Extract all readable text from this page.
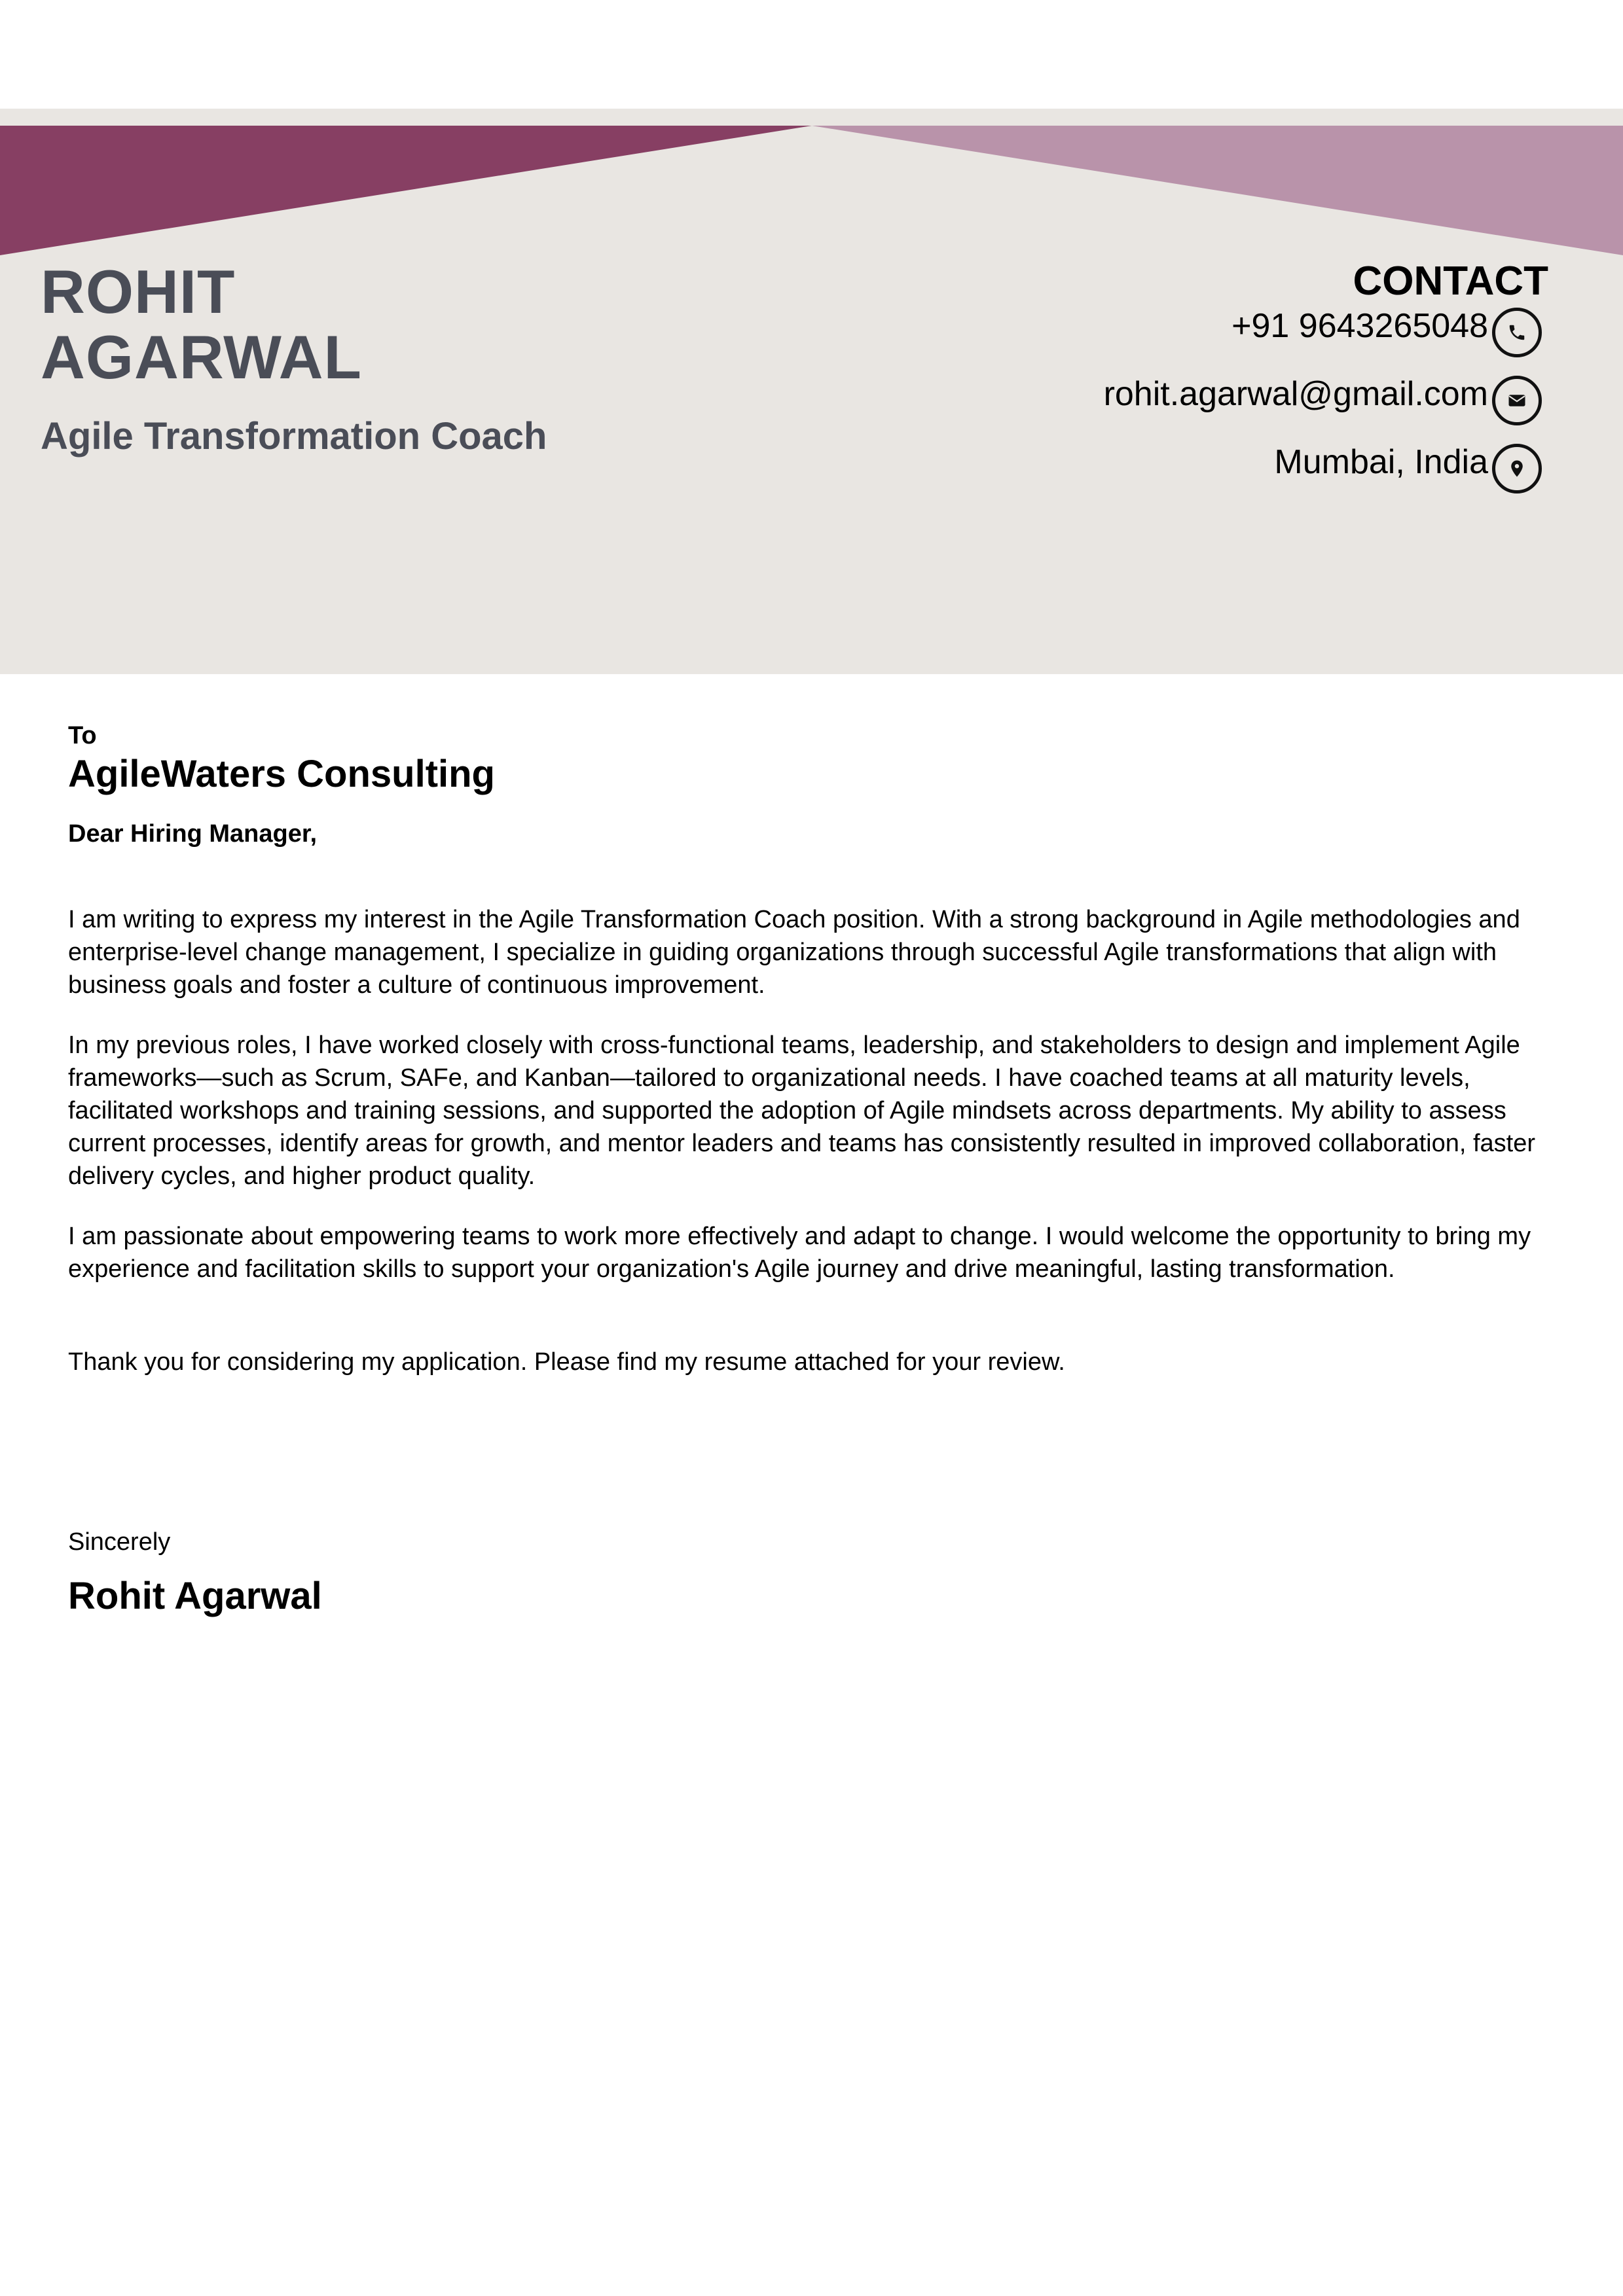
ROHIT

AGARWAL

Agile Transformation Coach

CONTACT

+91 9643265048
rohit.agarwal@gmail.com
Mumbai, India

To

AgileWaters Consulting

Dear Hiring Manager,

I am writing to express my interest in the Agile Transformation Coach position. With a strong background in Agile methodologies and enterprise-level change management, I specialize in guiding organizations through successful Agile transformations that align with business goals and foster a culture of continuous improvement.

In my previous roles, I have worked closely with cross-functional teams, leadership, and stakeholders to design and implement Agile frameworks—such as Scrum, SAFe, and Kanban—tailored to organizational needs. I have coached teams at all maturity levels, facilitated workshops and training sessions, and supported the adoption of Agile mindsets across departments. My ability to assess current processes, identify areas for growth, and mentor leaders and teams has consistently resulted in improved collaboration, faster delivery cycles, and higher product quality.

I am passionate about empowering teams to work more effectively and adapt to change. I would welcome the opportunity to bring my experience and facilitation skills to support your organization's Agile journey and drive meaningful, lasting transformation.

Thank you for considering my application. Please find my resume attached for your review.

Sincerely

Rohit Agarwal
